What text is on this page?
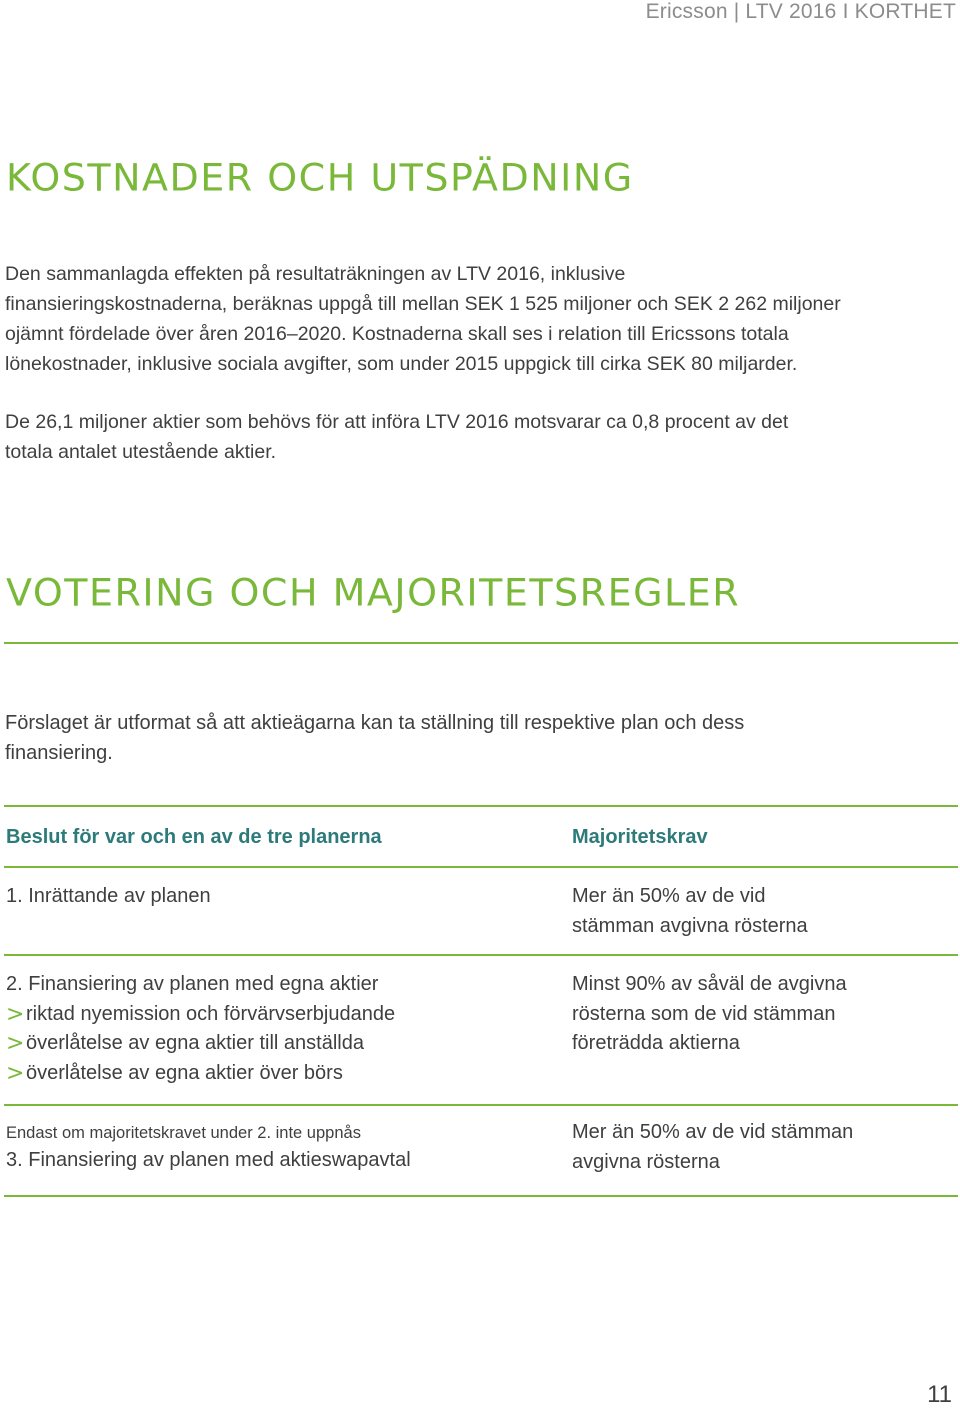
Ericsson | LTV 2016 I KORTHET
KOSTNADER OCH UTSPÄDNING

Den sammanlagda effekten på resultaträkningen av LTV 2016, inklusive
finansieringskostnaderna, beräknas uppgå till mellan SEK 1 525 miljoner och SEK 2 262 miljoner
ojämnt fördelade över åren 2016–2020. Kostnaderna skall ses i relation till Ericssons totala
lönekostnader, inklusive sociala avgifter, som under 2015 uppgick till cirka SEK 80 miljarder.

De 26,1 miljoner aktier som behövs för att införa LTV 2016 motsvarar ca 0,8 procent av det
totala antalet utestående aktier.

VOTERING OCH MAJORITETSREGLER

Förslaget är utformat så att aktieägarna kan ta ställning till respektive plan och dess
finansiering.

Beslut för var och en av de tre planerna	Majoritetskrav

1. Inrättande av planen	Mer än 50% av de vid
stämman avgivna rösterna

2. Finansiering av planen med egna aktier
> riktad nyemission och förvärvserbjudande
> överlåtelse av egna aktier till anställda
> överlåtelse av egna aktier över börs

Minst 90% av såväl de avgivna
rösterna som de vid stämman
företrädda aktierna

Endast om majoritetskravet under 2. inte uppnås
3. Finansiering av planen med aktieswapavtal

Mer än 50% av de vid stämman
avgivna rösterna

11
